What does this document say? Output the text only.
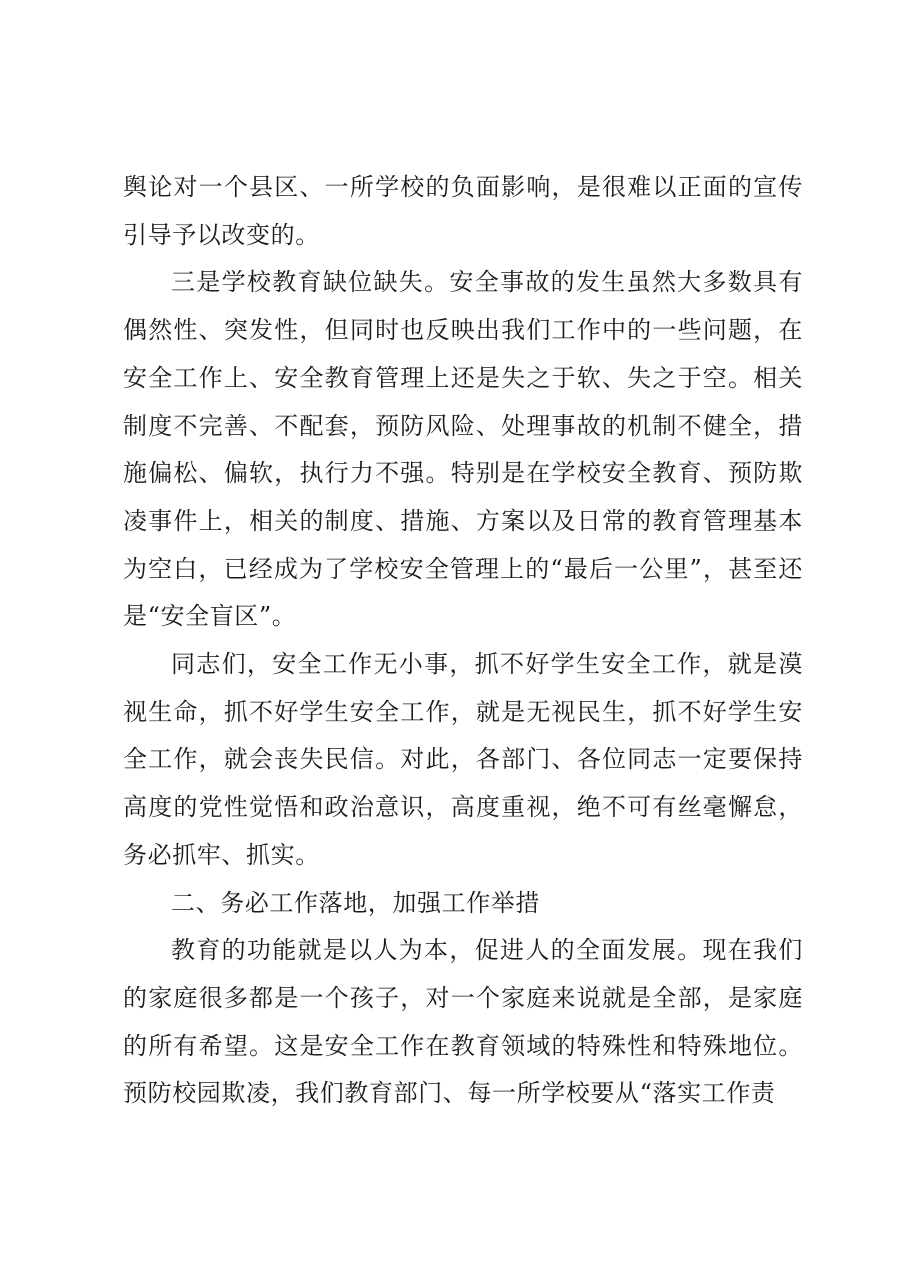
舆论对一个县区、一所学校的负面影响，是很难以正面的宣传引导予以改变的。

三是学校教育缺位缺失。安全事故的发生虽然大多数具有偶然性、突发性，但同时也反映出我们工作中的一些问题，在安全工作上、安全教育管理上还是失之于软、失之于空。相关制度不完善、不配套，预防风险、处理事故的机制不健全，措施偏松、偏软，执行力不强。特别是在学校安全教育、预防欺凌事件上，相关的制度、措施、方案以及日常的教育管理基本为空白，已经成为了学校安全管理上的“最后一公里”，甚至还是“安全盲区”。

同志们，安全工作无小事，抓不好学生安全工作，就是漠视生命，抓不好学生安全工作，就是无视民生，抓不好学生安全工作，就会丧失民信。对此，各部门、各位同志一定要保持高度的党性觉悟和政治意识，高度重视，绝不可有丝毫懈怠，务必抓牢、抓实。

二、务必工作落地，加强工作举措

教育的功能就是以人为本，促进人的全面发展。现在我们的家庭很多都是一个孩子，对一个家庭来说就是全部，是家庭的所有希望。这是安全工作在教育领域的特殊性和特殊地位。预防校园欺凌，我们教育部门、每一所学校要从“落实工作责
